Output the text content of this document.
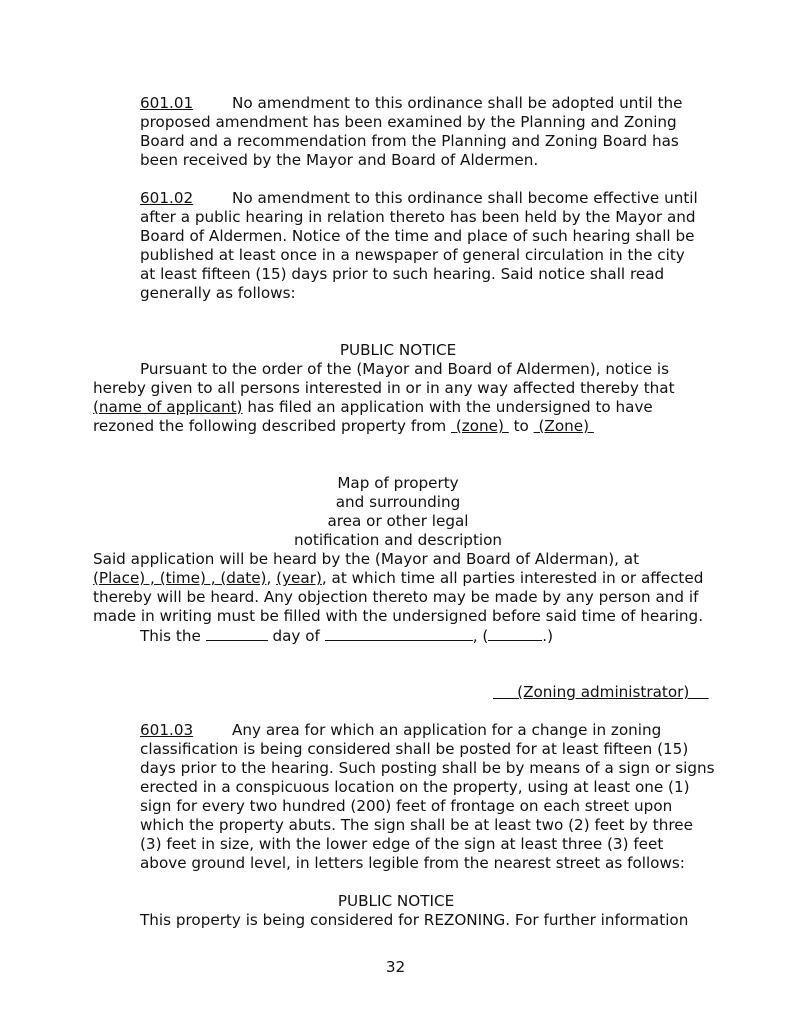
601.01	No amendment to this ordinance shall be adopted until the
proposed amendment has been examined by the Planning and Zoning
Board and a recommendation from the Planning and Zoning Board has
been received by the Mayor and Board of Aldermen.
601.02	No amendment to this ordinance shall become effective until
after a public hearing in relation thereto has been held by the Mayor and
Board of Aldermen. Notice of the time and place of such hearing shall be
published at least once in a newspaper of general circulation in the city
at least fifteen (15) days prior to such hearing. Said notice shall read
generally as follows:
PUBLIC NOTICE
Pursuant to the order of the (Mayor and Board of Aldermen), notice is
hereby given to all persons interested in or in any way affected thereby that
(name of applicant) has filed an application with the undersigned to have
rezoned the following described property from (zone) to (Zone)
Map of property
and surrounding
area or other legal
notification and description
Said application will be heard by the (Mayor and Board of Alderman), at
(Place) , (time) , (date), (year), at which time all parties interested in or affected
thereby will be heard. Any objection thereto may be made by any person and if
made in writing must be filled with the undersigned before said time of hearing.
This the	day of	, (	.)
(Zoning administrator)
601.03	Any area for which an application for a change in zoning
classification is being considered shall be posted for at least fifteen (15)
days prior to the hearing. Such posting shall be by means of a sign or signs
erected in a conspicuous location on the property, using at least one (1)
sign for every two hundred (200) feet of frontage on each street upon
which the property abuts. The sign shall be at least two (2) feet by three
(3) feet in size, with the lower edge of the sign at least three (3) feet
above ground level, in letters legible from the nearest street as follows:
PUBLIC NOTICE
This property is being considered for REZONING. For further information
32
